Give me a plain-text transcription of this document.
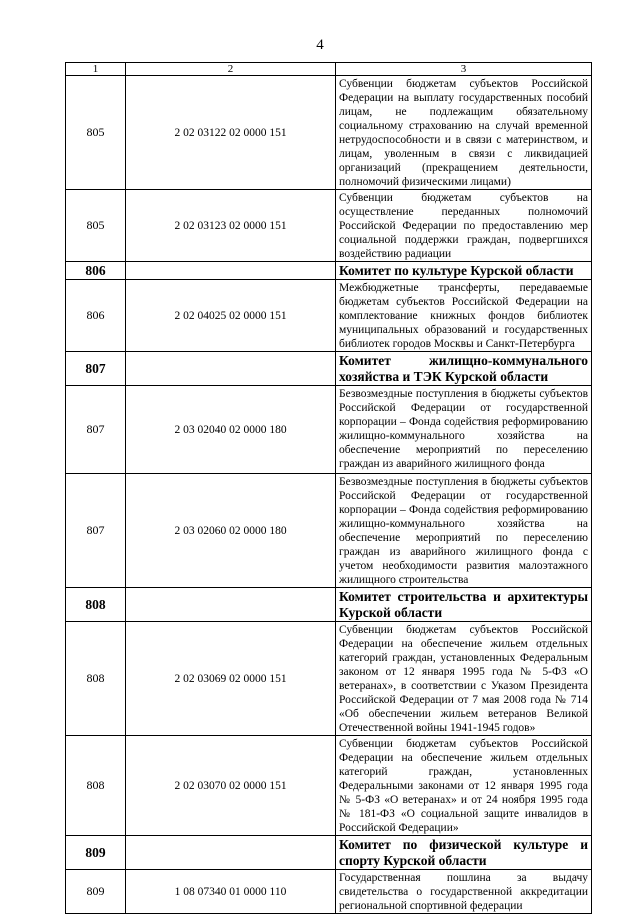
4
1	2	3
805	2 02 03122 02 0000 151	Субвенции бюджетам субъектов Российской Федерации на выплату государственных пособий лицам, не подлежащим обязательному социальному страхованию на случай временной нетрудоспособности и в связи с материнством, и лицам, уволенным в связи с ликвидацией организаций (прекращением деятельности, полномочий физическими лицами)
805	2 02 03123 02 0000 151	Субвенции бюджетам субъектов на осуществление переданных полномочий Российской Федерации по предоставлению мер социальной поддержки граждан, подвергшихся воздействию радиации
806		Комитет по культуре Курской области
806	2 02 04025 02 0000 151	Межбюджетные трансферты, передаваемые бюджетам субъектов Российской Федерации на комплектование книжных фондов библиотек муниципальных образований и государственных библиотек городов Москвы и Санкт-Петербурга
807		Комитет жилищно-коммунального хозяйства и ТЭК Курской области
807	2 03 02040 02 0000 180	Безвозмездные поступления в бюджеты субъектов Российской Федерации от государственной корпорации – Фонда содействия реформированию жилищно-коммунального хозяйства на обеспечение мероприятий по переселению граждан из аварийного жилищного фонда
807	2 03 02060 02 0000 180	Безвозмездные поступления в бюджеты субъектов Российской Федерации от государственной корпорации – Фонда содействия реформированию жилищно-коммунального хозяйства на обеспечение мероприятий по переселению граждан из аварийного жилищного фонда с учетом необходимости развития малоэтажного жилищного строительства
808		Комитет строительства и архитектуры Курской области
808	2 02 03069 02 0000 151	Субвенции бюджетам субъектов Российской Федерации на обеспечение жильем отдельных категорий граждан, установленных Федеральным законом от 12 января 1995 года № 5-ФЗ «О ветеранах», в соответствии с Указом Президента Российской Федерации от 7 мая 2008 года № 714 «Об обеспечении жильем ветеранов Великой Отечественной войны 1941-1945 годов»
808	2 02 03070 02 0000 151	Субвенции бюджетам субъектов Российской Федерации на обеспечение жильем отдельных категорий граждан, установленных Федеральными законами от 12 января 1995 года № 5-ФЗ «О ветеранах» и от 24 ноября 1995 года № 181-ФЗ «О социальной защите инвалидов в Российской Федерации»
809		Комитет по физической культуре и спорту Курской области
809	1 08 07340 01 0000 110	Государственная пошлина за выдачу свидетельства о государственной аккредитации региональной спортивной федерации
